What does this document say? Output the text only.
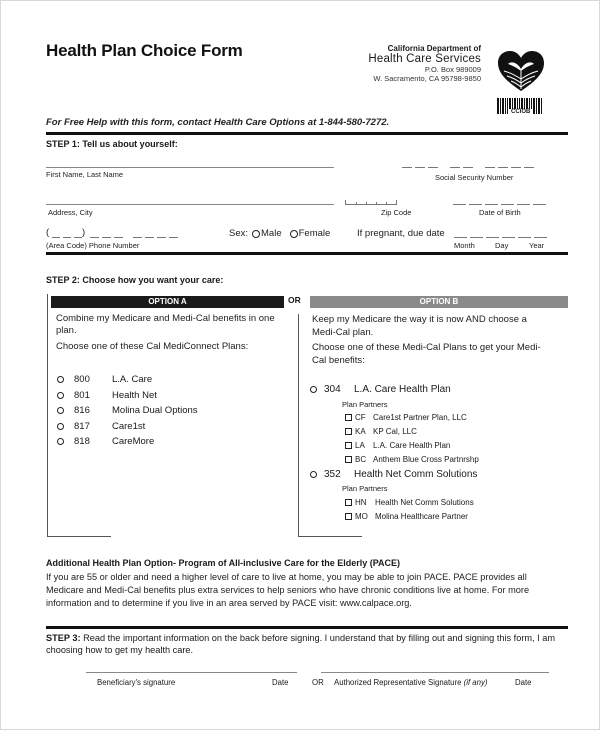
Health Plan Choice Form	California Department of
Health Care Services
P.O. Box 989009
W. Sacramento, CA 95798-9850
CCIOB
For Free Help with this form, contact Health Care Options at 1-844-580-7272.
STEP 1: Tell us about yourself:
First Name, Last Name	Social Security Number
Address, City	Zip Code	Date of Birth
(	)
(Area Code) Phone Number
Sex: Male Female	If pregnant, due date
Month	Day	Year
STEP 2: Choose how you want your care:
OPTION A	OR	OPTION B
Combine my Medicare and Medi-Cal benefits in one plan.
Choose one of these Cal MediConnect Plans:
800	L.A. Care
801	Health Net
816	Molina Dual Options
817	Care1st
818	CareMore
Keep my Medicare the way it is now AND choose a Medi-Cal plan.
Choose one of these Medi-Cal Plans to get your Medi-Cal benefits:
304	L.A. Care Health Plan
Plan Partners
CF Care1st Partner Plan, LLC
KA KP Cal, LLC
LA	L.A. Care Health Plan
BC Anthem Blue Cross Partnrshp
352	Health Net Comm Solutions
Plan Partners
HN	Health Net Comm Solutions
MO Molina Healthcare Partner
Additional Health Plan Option- Program of All-inclusive Care for the Elderly (PACE)
If you are 55 or older and need a higher level of care to live at home, you may be able to join PACE. PACE provides all Medicare and Medi-Cal benefits plus extra services to help seniors who have chronic conditions live at home. For more information and to determine if you live in an area served by PACE visit: www.calpace.org.
STEP 3: Read the important information on the back before signing. I understand that by filling out and signing this form, I am choosing how to get my health care.
Beneficiary's signature	Date	OR Authorized Representative Signature (if any)	Date
